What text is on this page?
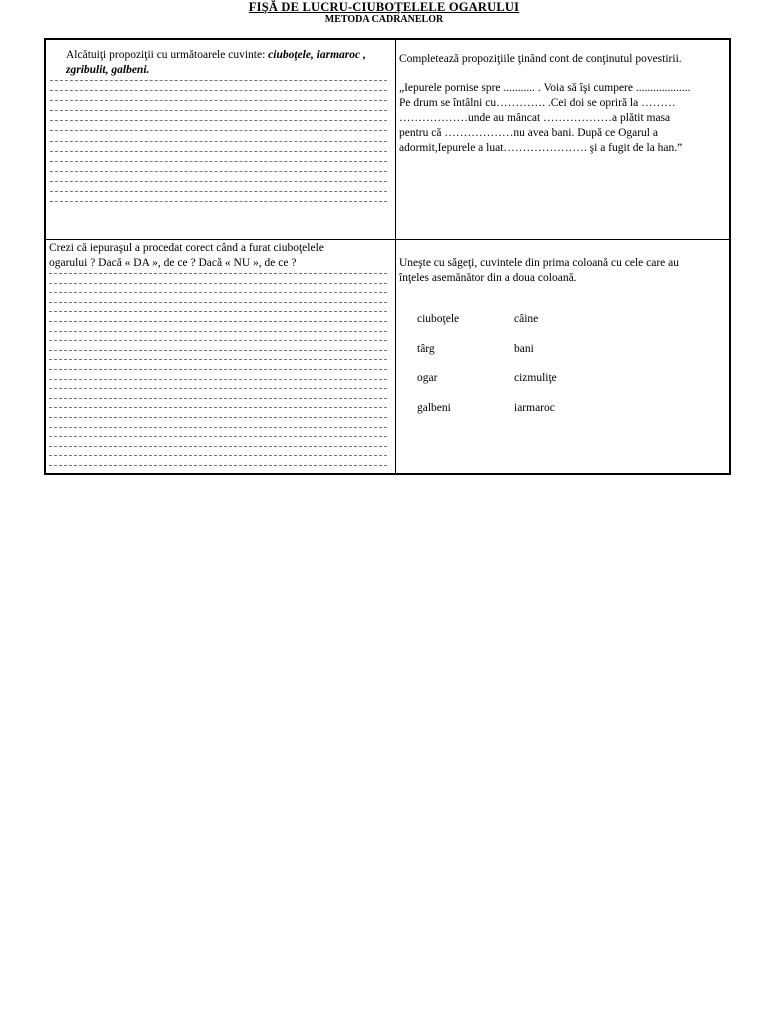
FIŞĂ DE LUCRU-CIUBOŢELELE OGARULUI
METODA CADRANELOR
Alcătuiţi propoziţii cu următoarele cuvinte: ciuboţele, iarmaroc , zgribulit, galbeni.

Completează propoziţiile ţinând cont de conţinutul povestirii.

„Iepurele pornise spre ........... . Voia să îşi cumpere ...................

Pe drum se întâlni cu…………. .Cei doi se opriră la ………

………………unde au mâncat ………………a plătit masa

pentru că ………………nu avea bani. După ce Ogarul a

adormit,Iepurele a luat…………………. şi a fugit de la han.”

Crezi că iepuraşul a procedat corect când a furat ciuboţelele
ogarului ? Dacă « DA », de ce ? Dacă « NU », de ce ?	Uneşte cu săgeţi, cuvintele din prima coloană cu cele care au
înţeles asemănător din a doua coloană.
ciuboţele	câine
târg	bani
ogar	cizmuliţe
galbeni	iarmaroc
